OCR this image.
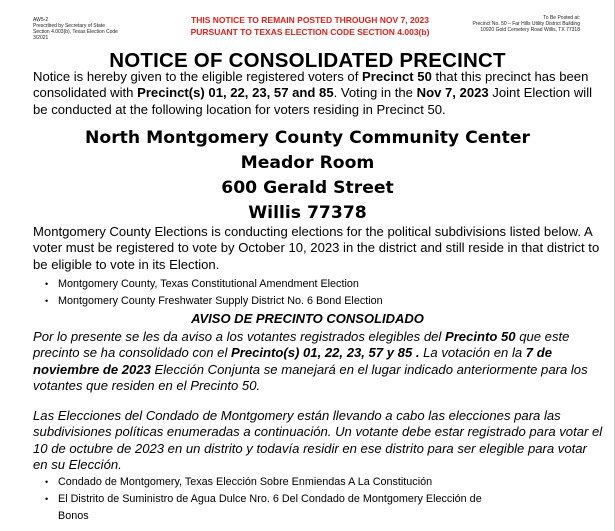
AW5-2
Prescribed by Secretary of State
Section 4.003(b), Texas Election Code
3/2021
THIS NOTICE TO REMAIN POSTED THROUGH NOV 7, 2023
PURSUANT TO TEXAS ELECTION CODE SECTION 4.003(b)
To Be Posted at:
Precinct No. 50 – Far Hills Utility District Building
10920 Gold Cemetery Road Willis, TX 77318
NOTICE OF CONSOLIDATED PRECINCT

Notice is hereby given to the eligible registered voters of Precinct 50 that this precinct has been consolidated with Precinct(s) 01, 22, 23, 57 and 85. Voting in the Nov 7, 2023 Joint Election will be conducted at the following location for voters residing in Precinct 50.

North Montgomery County Community Center
Meador Room
600 Gerald Street
Willis 77378

Montgomery County Elections is conducting elections for the political subdivisions listed below. A voter must be registered to vote by October 10, 2023 in the district and still reside in that district to be eligible to vote in its Election.

• Montgomery County, Texas Constitutional Amendment Election
• Montgomery County Freshwater Supply District No. 6 Bond Election
AVISO DE PRECINTO CONSOLIDADO

Por lo presente se les da aviso a los votantes registrados elegibles del Precinto 50 que este precinto se ha consolidado con el Precinto(s) 01, 22, 23, 57 y 85 . La votación en la 7 de noviembre de 2023 Elección Conjunta se manejará en el lugar indicado anteriormente para los votantes que residen en el Precinto 50.

Las Elecciones del Condado de Montgomery están llevando a cabo las elecciones para las subdivisiones políticas enumeradas a continuación. Un votante debe estar registrado para votar el 10 de octubre de 2023 en un distrito y todavía residir en ese distrito para ser elegible para votar en su Elección.

• Condado de Montgomery, Texas Elección Sobre Enmiendas A La Constitución
• El Distrito de Suministro de Agua Dulce Nro. 6 Del Condado de Montgomery Elección de Bonos
